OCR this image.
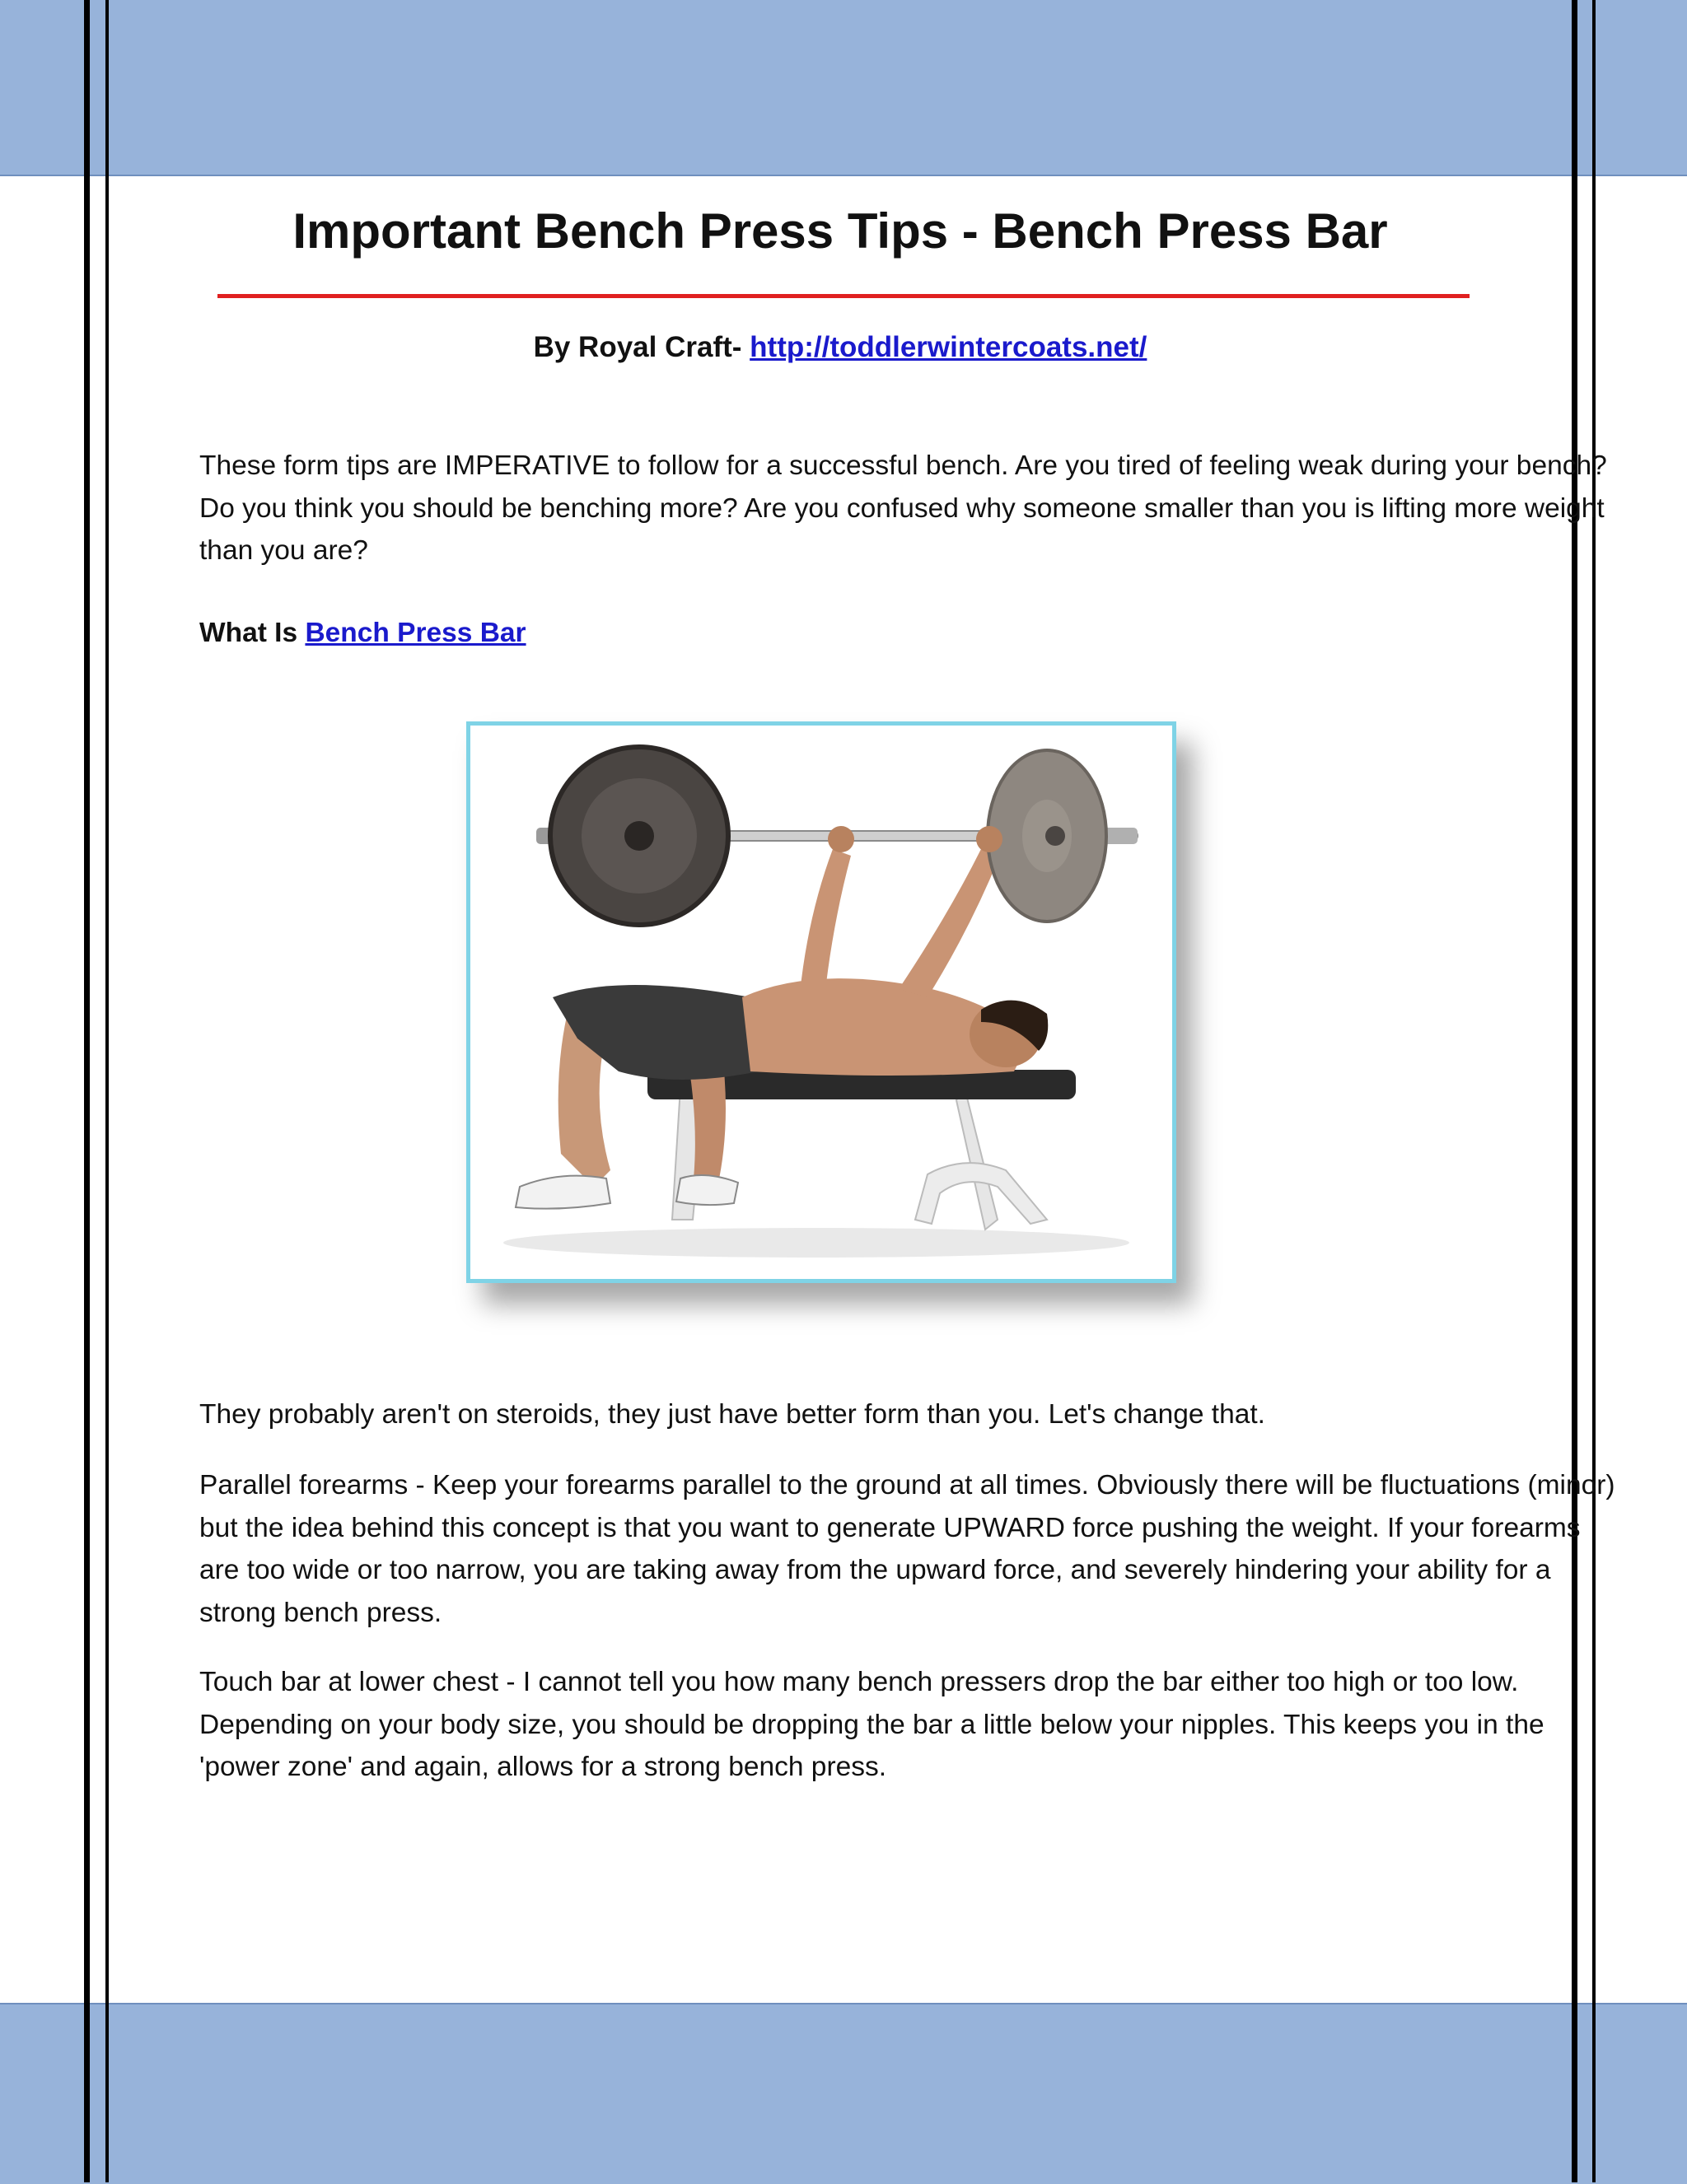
Important Bench Press Tips - Bench Press Bar
By Royal Craft- http://toddlerwintercoats.net/

These form tips are IMPERATIVE to follow for a successful bench. Are you tired of feeling weak during your bench? Do you think you should be benching more? Are you confused why someone smaller than you is lifting more weight than you are?

What Is Bench Press Bar

They probably aren't on steroids, they just have better form than you. Let's change that.

Parallel forearms - Keep your forearms parallel to the ground at all times. Obviously there will be fluctuations (minor) but the idea behind this concept is that you want to generate UPWARD force pushing the weight. If your forearms are too wide or too narrow, you are taking away from the upward force, and severely hindering your ability for a strong bench press.

Touch bar at lower chest - I cannot tell you how many bench pressers drop the bar either too high or too low. Depending on your body size, you should be dropping the bar a little below your nipples. This keeps you in the 'power zone' and again, allows for a strong bench press.
